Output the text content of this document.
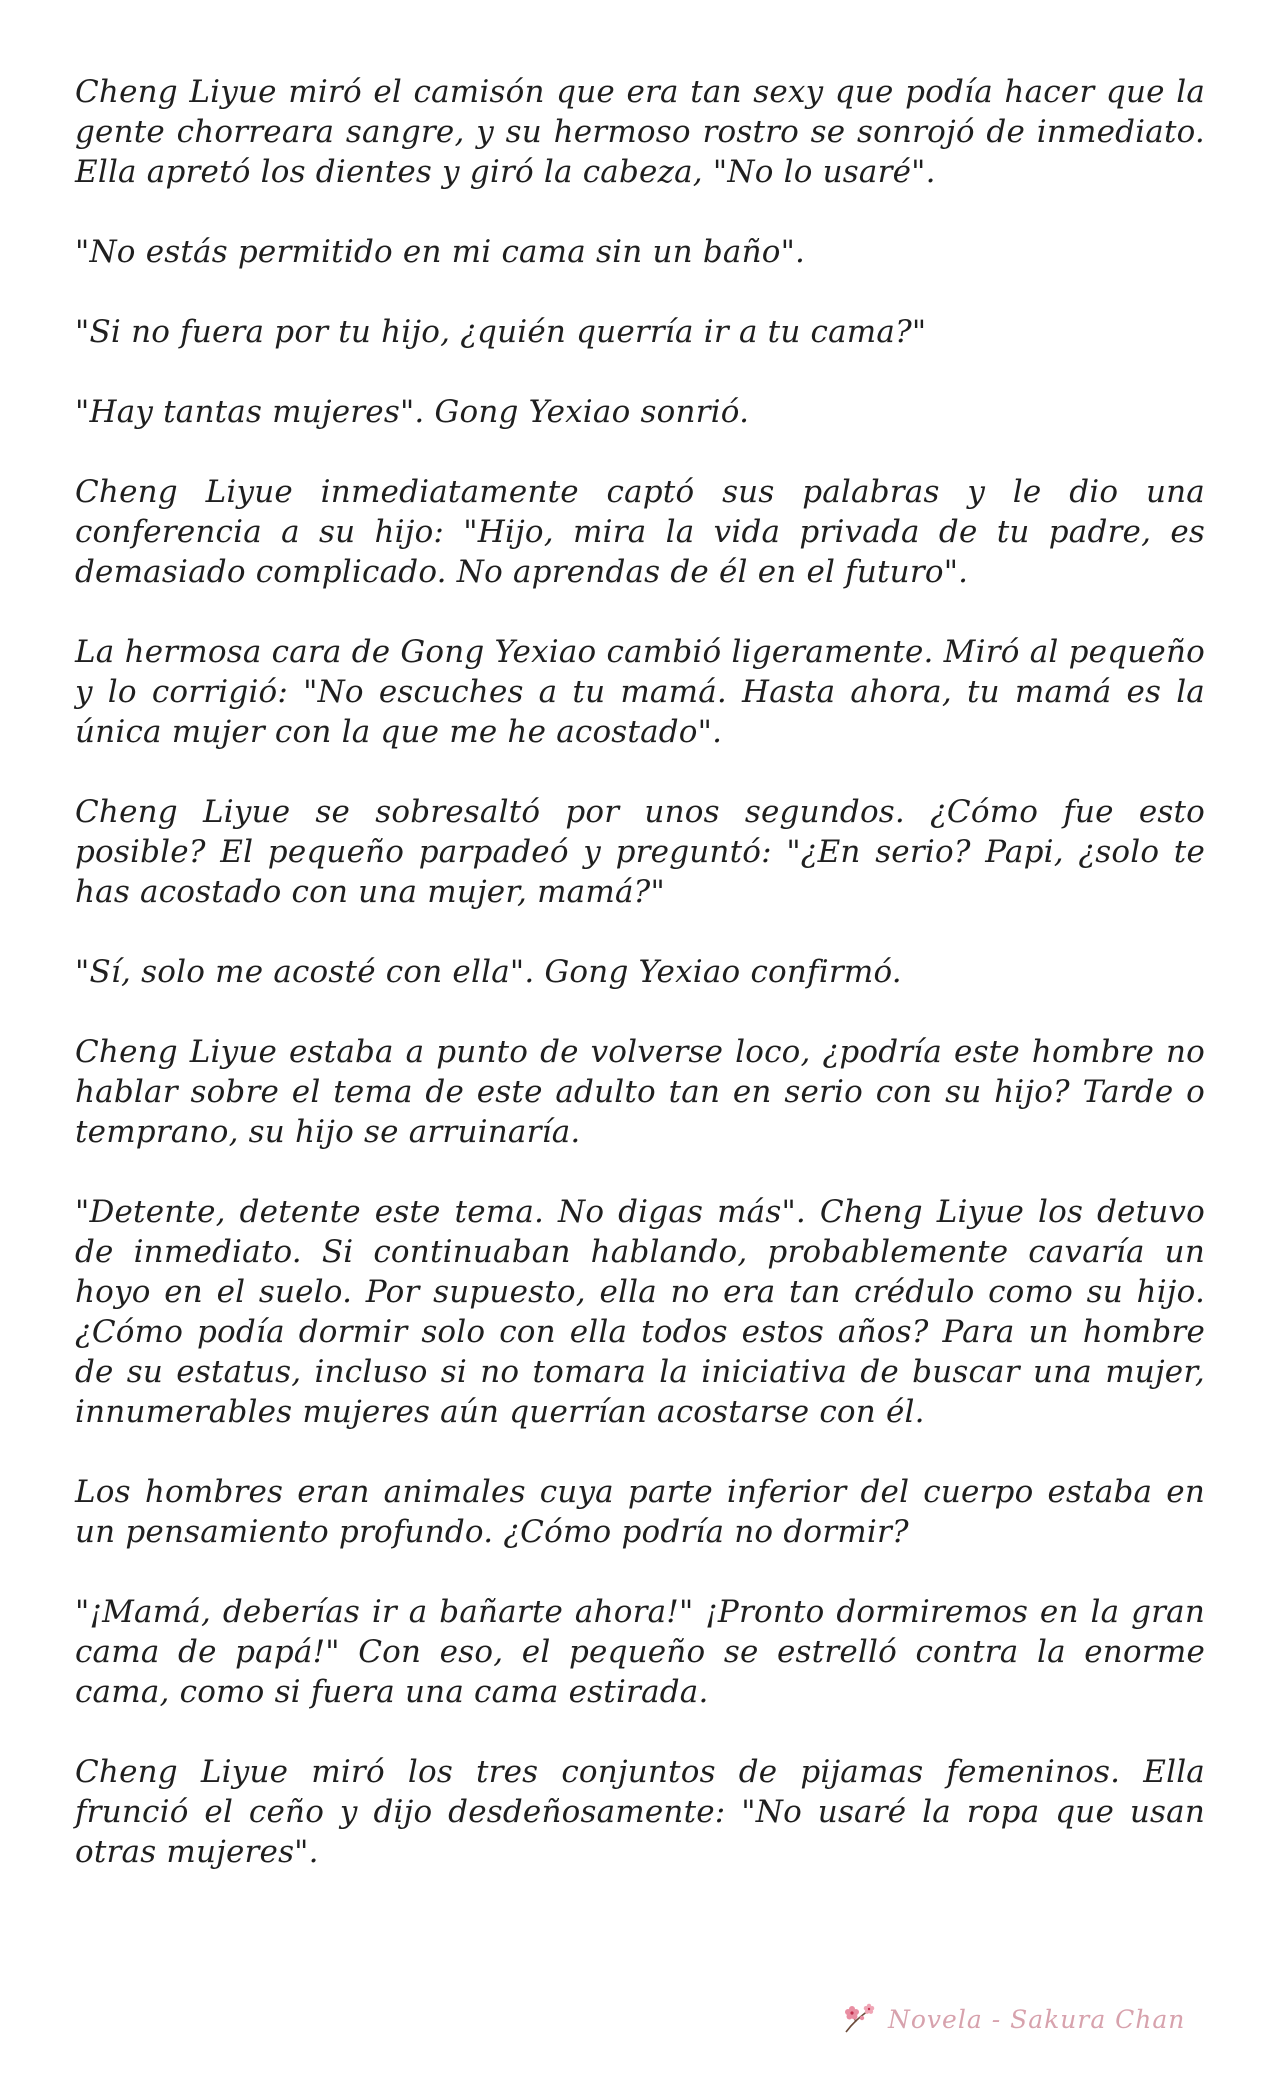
Cheng Liyue miró el camisón que era tan sexy que podía hacer que la gente chorreara sangre, y su hermoso rostro se sonrojó de inmediato. Ella apretó los dientes y giró la cabeza, "No lo usaré".

"No estás permitido en mi cama sin un baño".

"Si no fuera por tu hijo, ¿quién querría ir a tu cama?"

"Hay tantas mujeres". Gong Yexiao sonrió.

Cheng Liyue inmediatamente captó sus palabras y le dio una conferencia a su hijo: "Hijo, mira la vida privada de tu padre, es demasiado complicado. No aprendas de él en el futuro".

La hermosa cara de Gong Yexiao cambió ligeramente. Miró al pequeño y lo corrigió: "No escuches a tu mamá. Hasta ahora, tu mamá es la única mujer con la que me he acostado".

Cheng Liyue se sobresaltó por unos segundos. ¿Cómo fue esto posible? El pequeño parpadeó y preguntó: "¿En serio? Papi, ¿solo te has acostado con una mujer, mamá?"

"Sí, solo me acosté con ella". Gong Yexiao confirmó.

Cheng Liyue estaba a punto de volverse loco, ¿podría este hombre no hablar sobre el tema de este adulto tan en serio con su hijo? Tarde o temprano, su hijo se arruinaría.

"Detente, detente este tema. No digas más". Cheng Liyue los detuvo de inmediato. Si continuaban hablando, probablemente cavaría un hoyo en el suelo. Por supuesto, ella no era tan crédulo como su hijo. ¿Cómo podía dormir solo con ella todos estos años? Para un hombre de su estatus, incluso si no tomara la iniciativa de buscar una mujer, innumerables mujeres aún querrían acostarse con él.

Los hombres eran animales cuya parte inferior del cuerpo estaba en un pensamiento profundo. ¿Cómo podría no dormir?

"¡Mamá, deberías ir a bañarte ahora!" ¡Pronto dormiremos en la gran cama de papá!" Con eso, el pequeño se estrelló contra la enorme cama, como si fuera una cama estirada.

Cheng Liyue miró los tres conjuntos de pijamas femeninos. Ella frunció el ceño y dijo desdeñosamente: "No usaré la ropa que usan otras mujeres".

Novela - Sakura Chan
